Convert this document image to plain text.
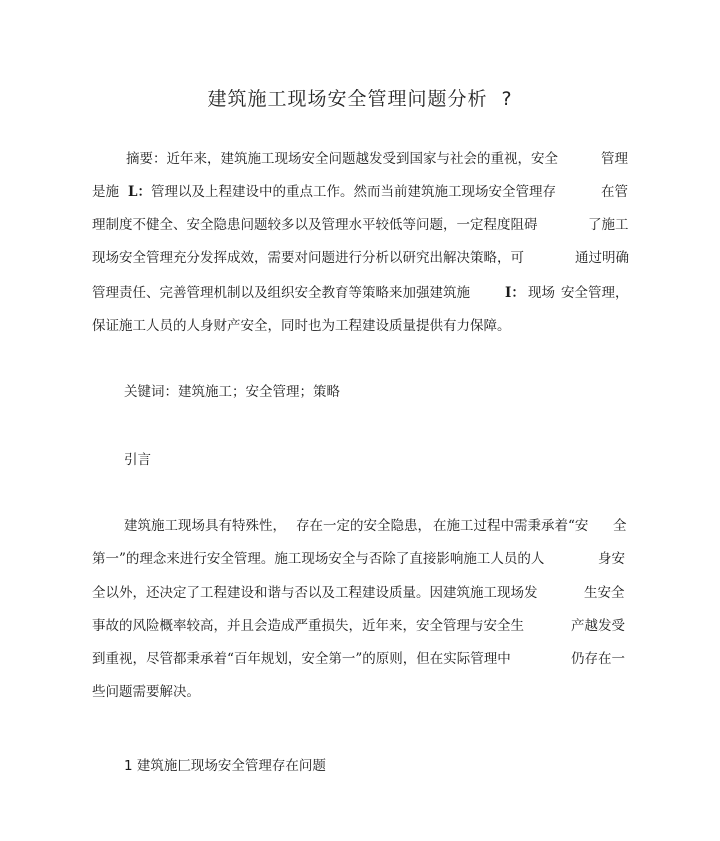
建筑施工现场安全管理问题分析 ?
摘要：近年来，建筑施工现场安全问题越发受到国家与社会的重视，安全	管理
是施 L： 管理以及上程建设中的重点工作。然而当前建筑施工现场安全管理存	在管
理制度不健全、安全隐患问题较多以及管理水平较低等问题，一定程度阻碍	了施工
现场安全管理充分发挥成效，需要对问题进行分析以研究出解决策略，可	通过明确
管理责任、完善管理机制以及组织安全教育等策略来加强建筑施	I： 现场 安全管理，
保证施工人员的人身财产安全，同时也为工程建设质量提供有力保障。
关键词：建筑施工；安全管理；策略
引言
建筑施工现场具有特殊性， 存在一定的安全隐患， 在施工过程中需秉承着“安 全
第一”的理念来进行安全管理。施工现场安全与否除了直接影响施工人员的人	身安
全以外，还决定了工程建设和谐与否以及工程建设质量。因建筑施工现场发	生安全
事故的风险概率较高，并且会造成严重损失，近年来，安全管理与安全生	产越发受
到重视，尽管都秉承着“百年规划，安全第一”的原则，但在实际管理中	仍存在一
些问题需要解决。
1 建筑施匚现场安全管理存在问题
